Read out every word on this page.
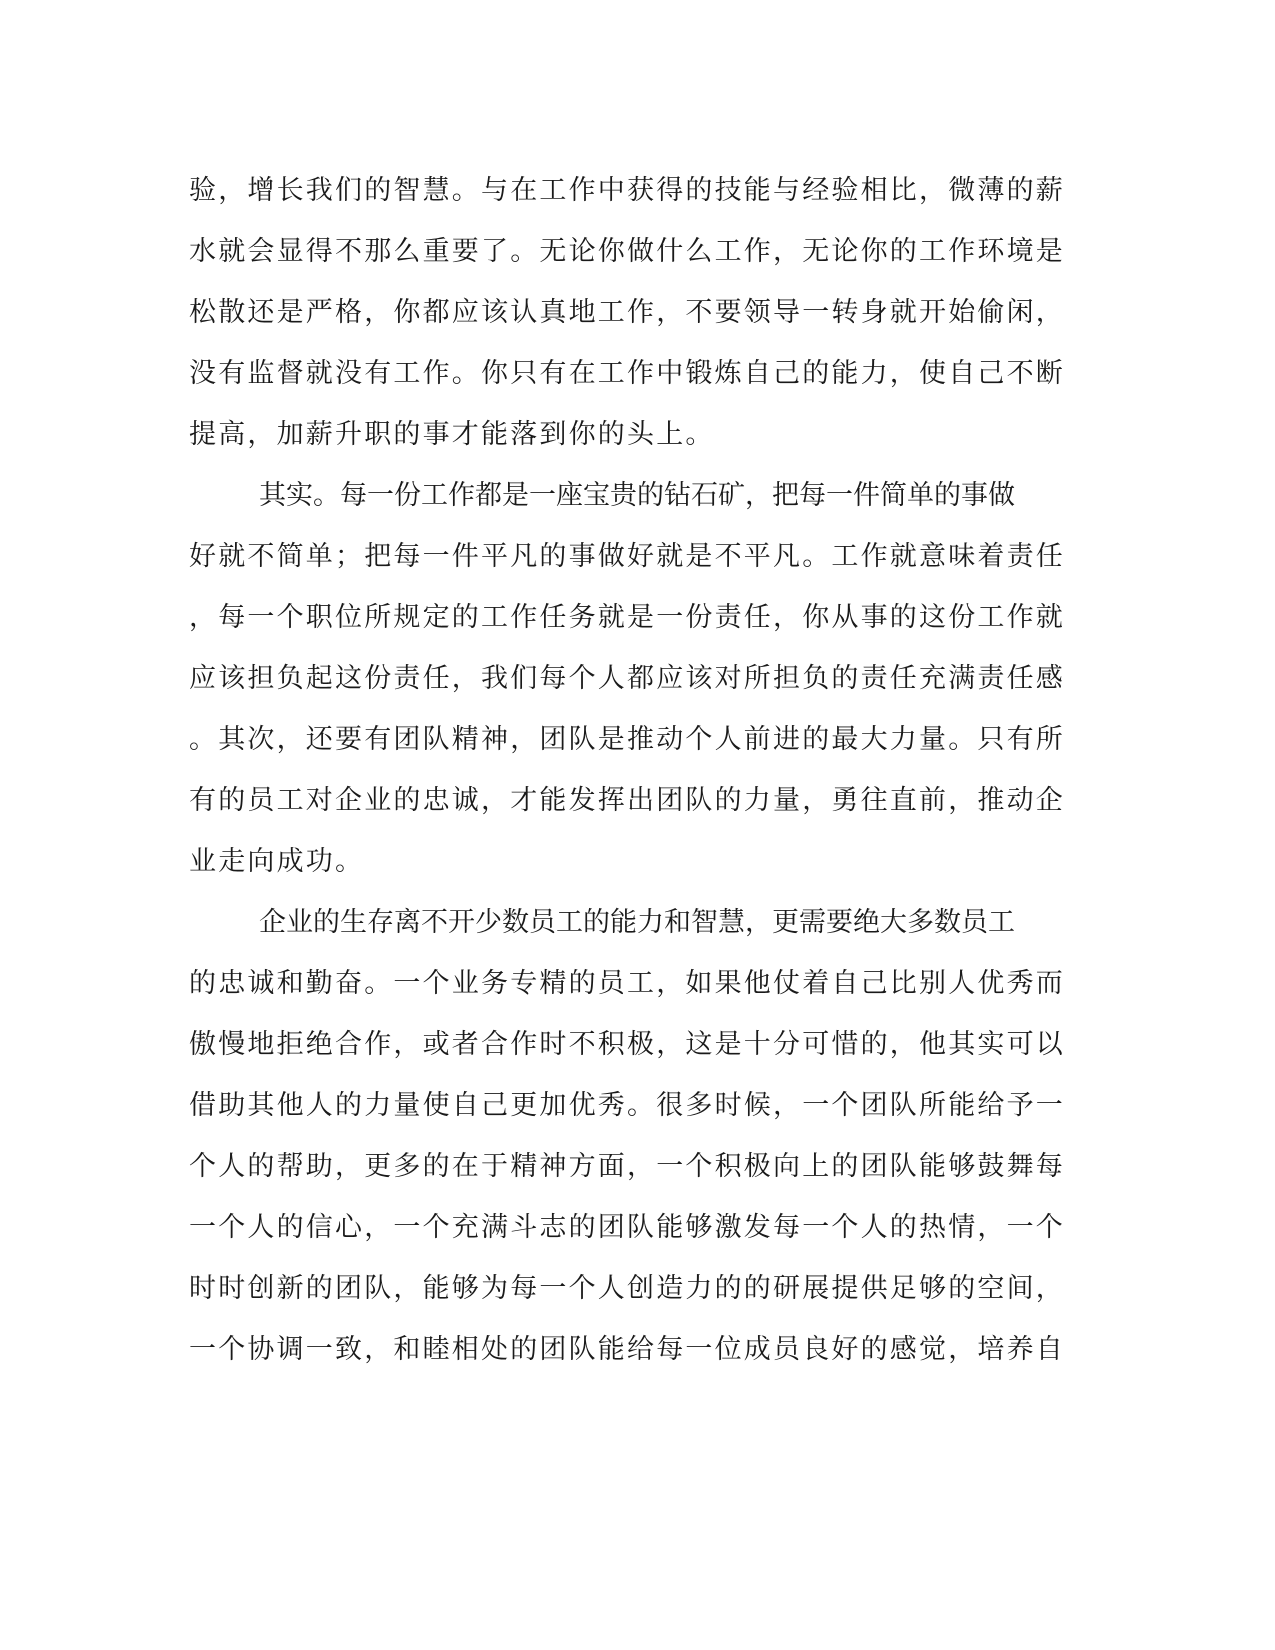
验，增长我们的智慧。与在工作中获得的技能与经验相比，微薄的薪
水就会显得不那么重要了。无论你做什么工作，无论你的工作环境是
松散还是严格，你都应该认真地工作，不要领导一转身就开始偷闲，
没有监督就没有工作。你只有在工作中锻炼自己的能力，使自己不断
提高，加薪升职的事才能落到你的头上。
其实。每一份工作都是一座宝贵的钻石矿，把每一件简单的事做
好就不简单；把每一件平凡的事做好就是不平凡。工作就意味着责任
，每一个职位所规定的工作任务就是一份责任，你从事的这份工作就
应该担负起这份责任，我们每个人都应该对所担负的责任充满责任感
。其次，还要有团队精神，团队是推动个人前进的最大力量。只有所
有的员工对企业的忠诚，才能发挥出团队的力量，勇往直前，推动企
业走向成功。
企业的生存离不开少数员工的能力和智慧，更需要绝大多数员工
的忠诚和勤奋。一个业务专精的员工，如果他仗着自己比别人优秀而
傲慢地拒绝合作，或者合作时不积极，这是十分可惜的，他其实可以
借助其他人的力量使自己更加优秀。很多时候，一个团队所能给予一
个人的帮助，更多的在于精神方面，一个积极向上的团队能够鼓舞每
一个人的信心，一个充满斗志的团队能够激发每一个人的热情，一个
时时创新的团队，能够为每一个人创造力的的研展提供足够的空间，
一个协调一致，和睦相处的团队能给每一位成员良好的感觉，培养自
